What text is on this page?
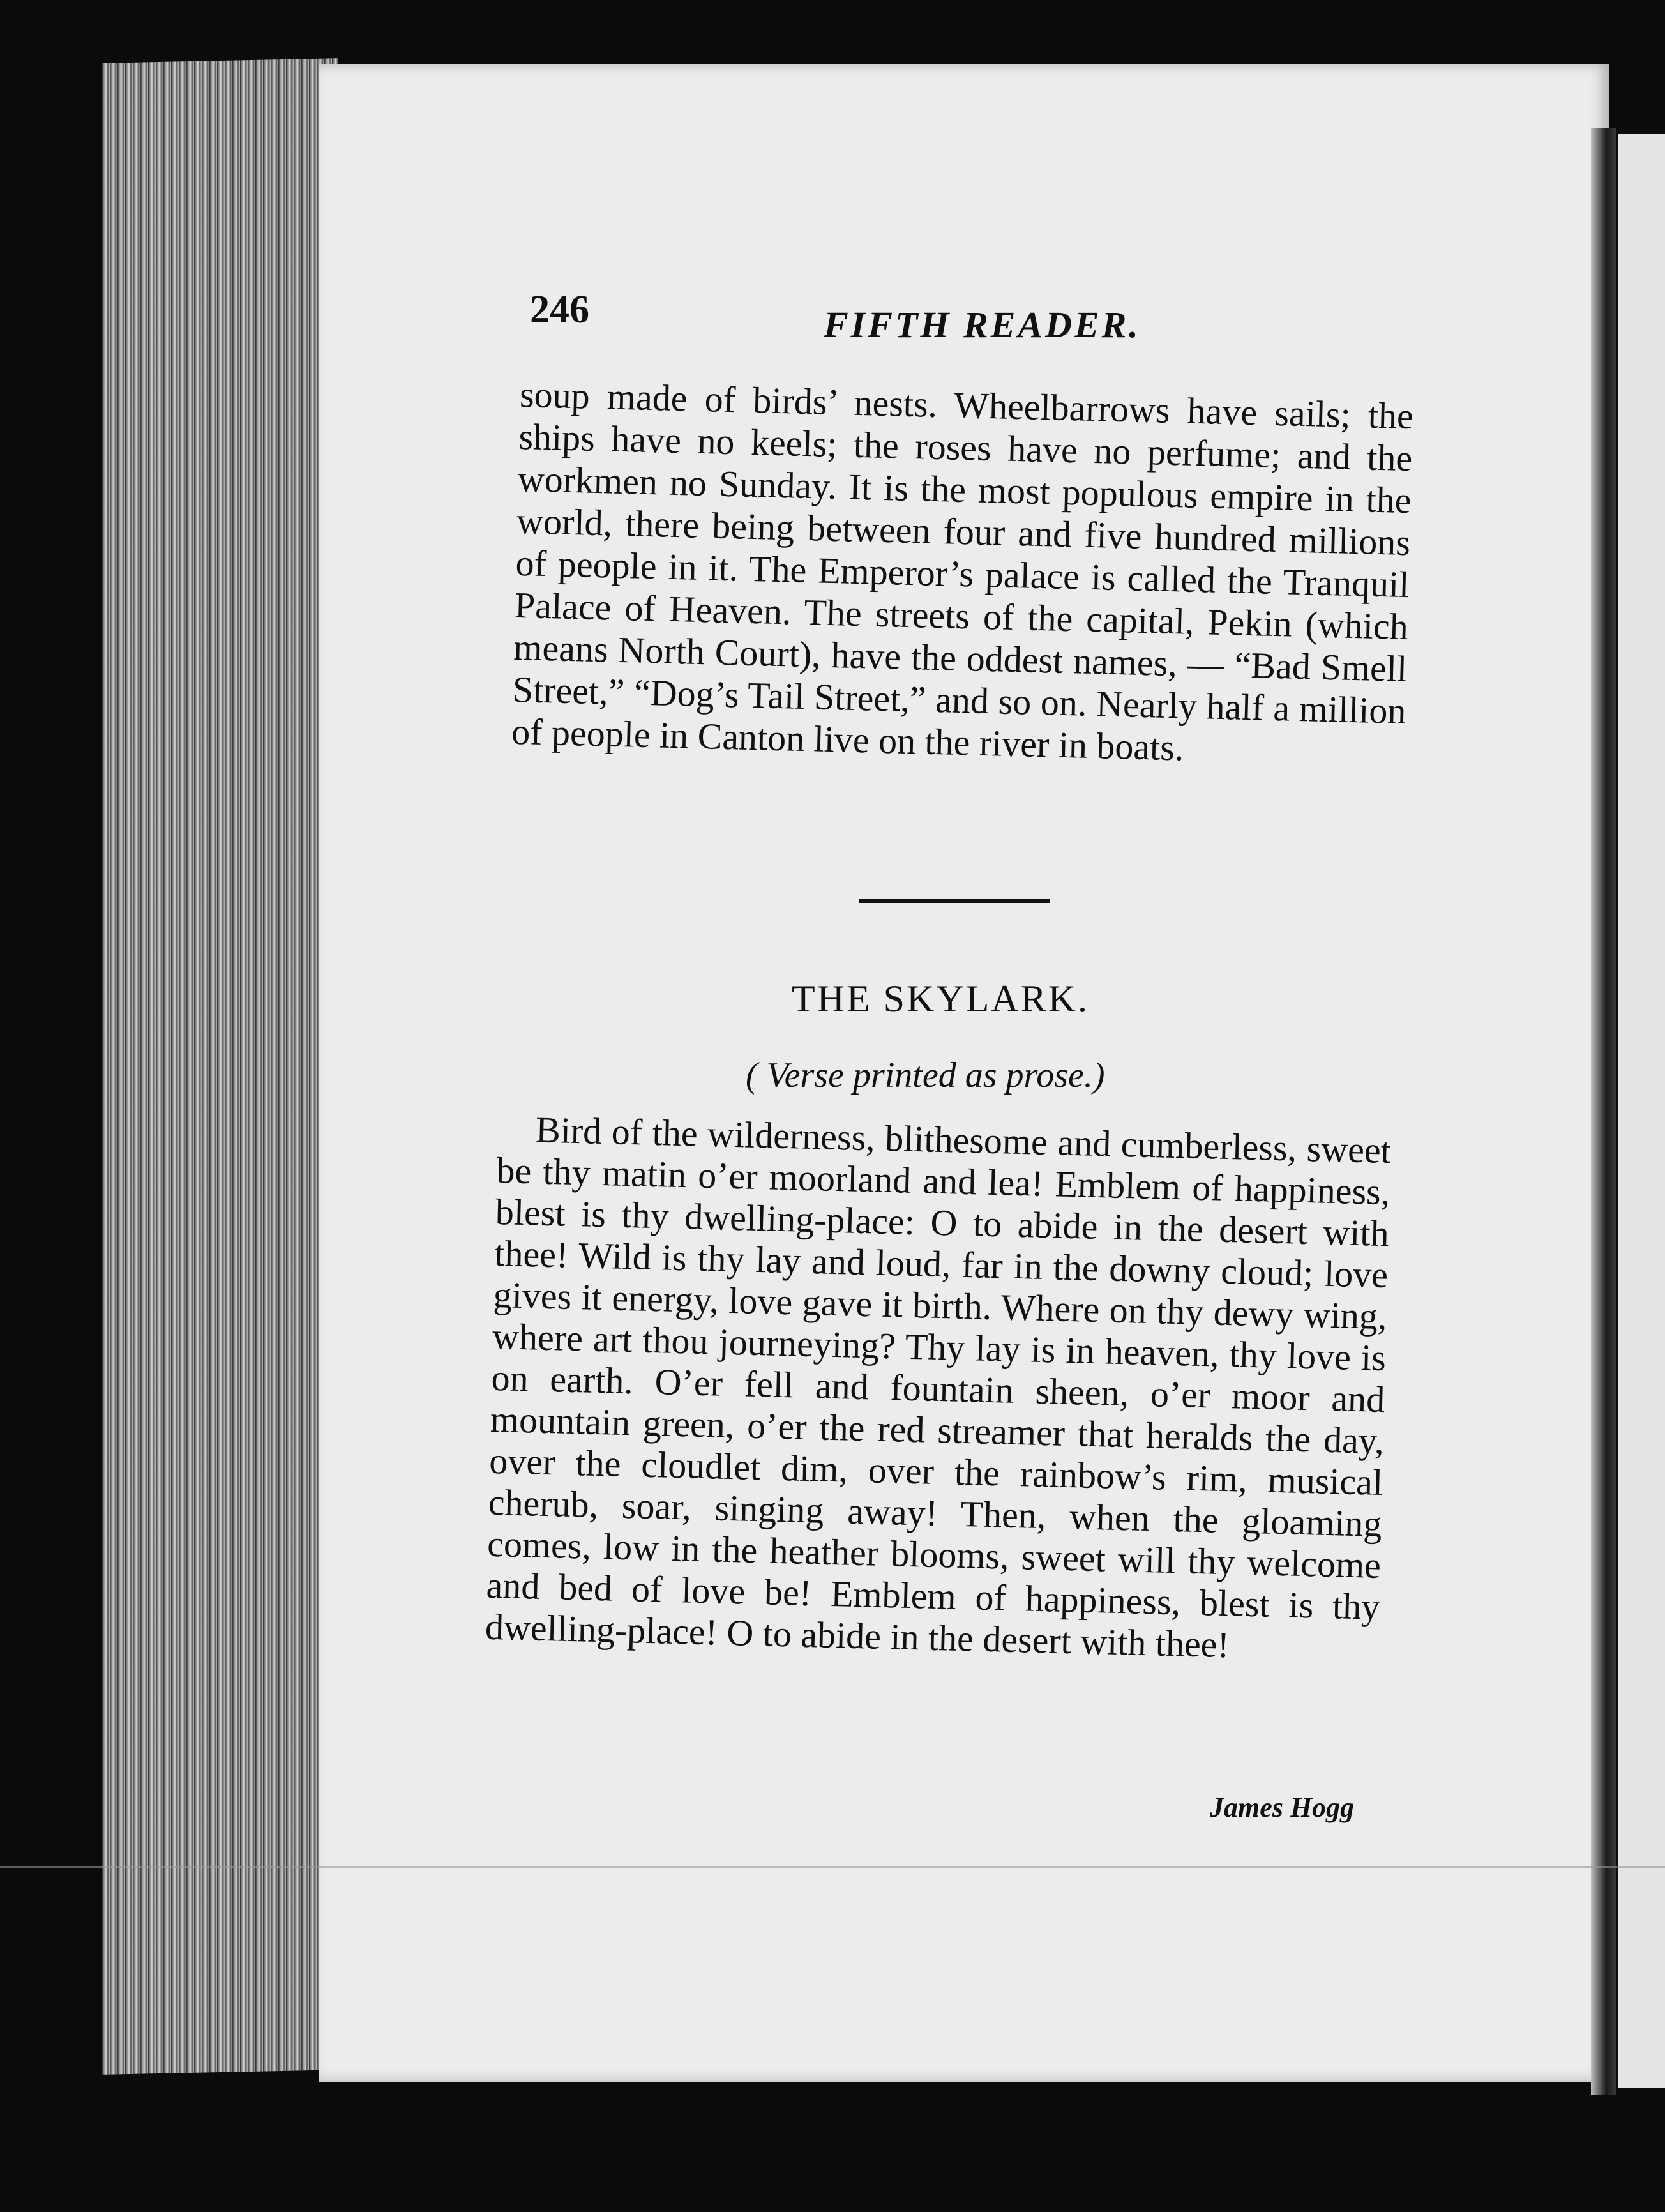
246	FIFTH READER.

soup made of birds’ nests. Wheelbarrows have sails; the ships have no keels; the roses have no perfume; and the workmen no Sunday. It is the most populous empire in the world, there being between four and five hundred millions of people in it. The Emperor’s palace is called the Tranquil Palace of Heaven. The streets of the capital, Pekin (which means North Court), have the oddest names, — “Bad Smell Street,” “Dog’s Tail Street,” and so on. Nearly half a million of people in Canton live on the river in boats.

THE SKYLARK.
( Verse printed as prose.)

Bird of the wilderness, blithesome and cumberless, sweet be thy matin o’er moorland and lea! Emblem of happiness, blest is thy dwelling-place: O to abide in the desert with thee! Wild is thy lay and loud, far in the downy cloud; love gives it energy, love gave it birth. Where on thy dewy wing, where art thou journeying? Thy lay is in heaven, thy love is on earth. O’er fell and fountain sheen, o’er moor and mountain green, o’er the red streamer that heralds the day, over the cloudlet dim, over the rainbow’s rim, musical cherub, soar, singing away! Then, when the gloaming comes, low in the heather blooms, sweet will thy welcome and bed of love be! Emblem of happiness, blest is thy dwelling-place! O to abide in the desert with thee!

James Hogg
